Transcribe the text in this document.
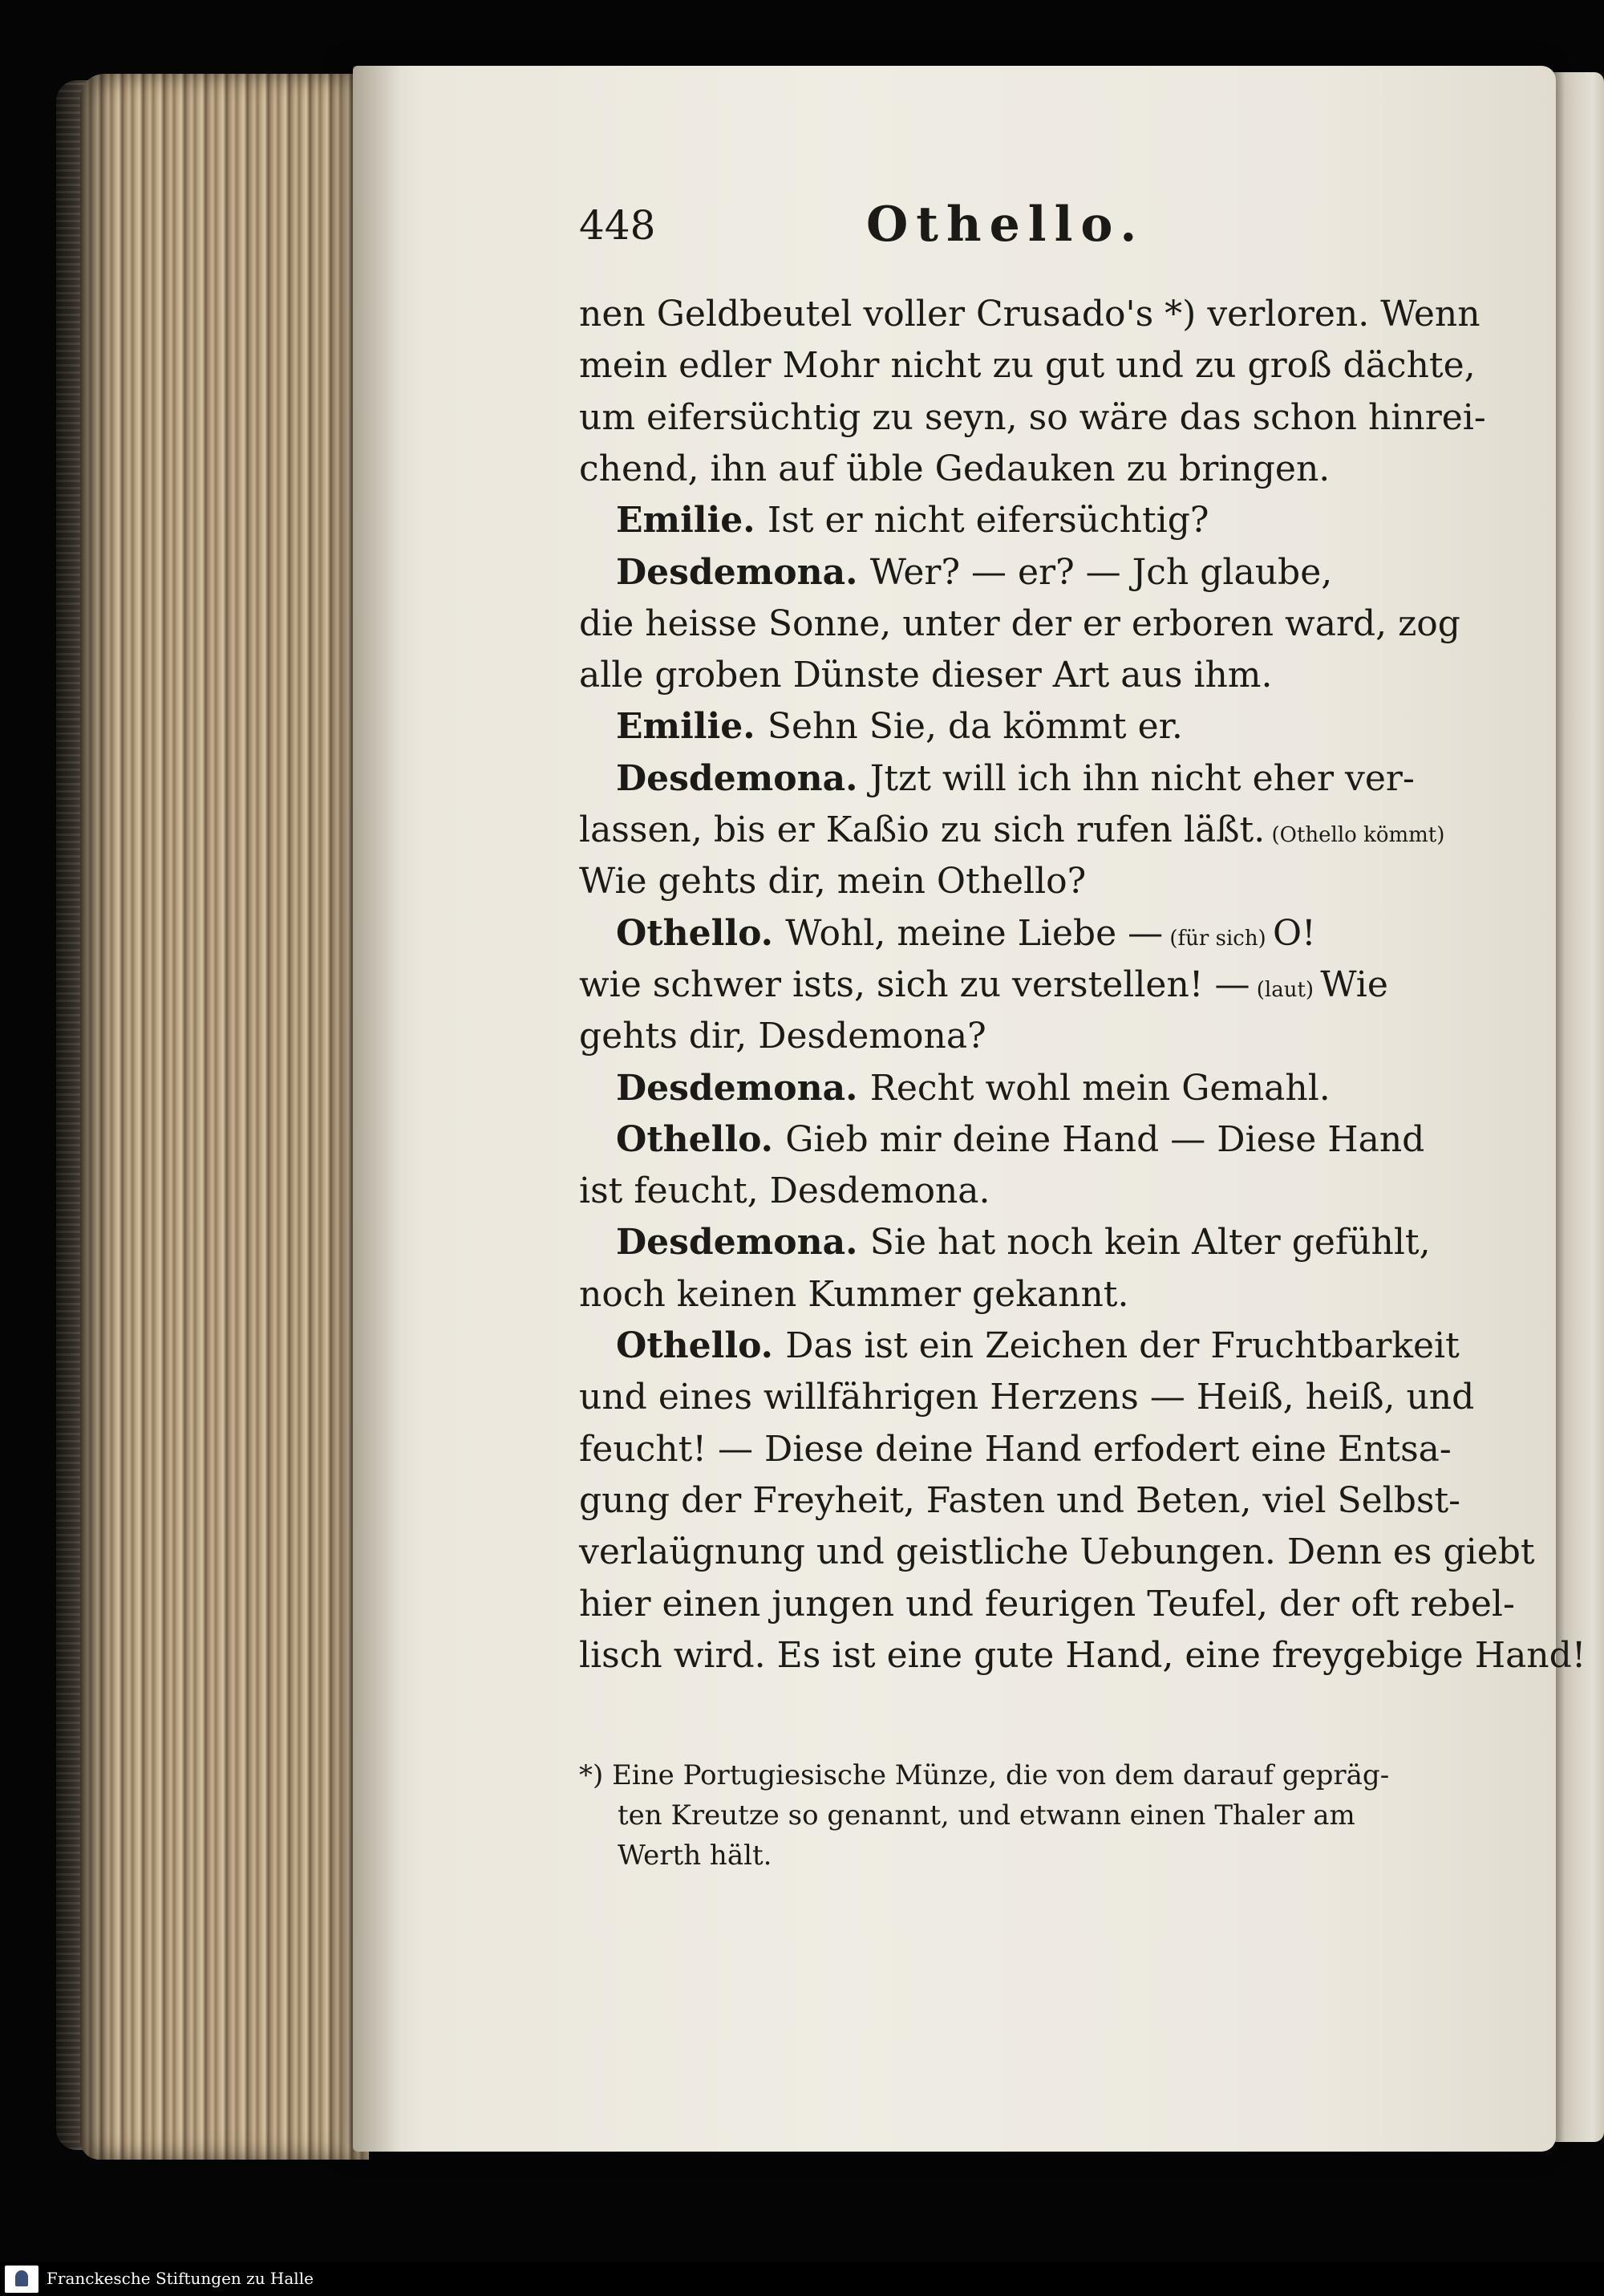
448	Othello.
nen Geldbeutel voller Crusado's *) verloren. Wenn
mein edler Mohr nicht zu gut und zu groß dächte,
um eifersüchtig zu seyn, so wäre das schon hinrei-
chend, ihn auf üble Gedauken zu bringen.
Emilie. Ist er nicht eifersüchtig?
Desdemona. Wer? — er? — Jch glaube,
die heisse Sonne, unter der er erboren ward, zog
alle groben Dünste dieser Art aus ihm.
Emilie. Sehn Sie, da kömmt er.
Desdemona. Jtzt will ich ihn nicht eher ver-
lassen, bis er Kaßio zu sich rufen läßt. (Othello kömmt)
Wie gehts dir, mein Othello?
Othello. Wohl, meine Liebe — (für sich) O!
wie schwer ists, sich zu verstellen! — (laut) Wie
gehts dir, Desdemona?
Desdemona. Recht wohl mein Gemahl.
Othello. Gieb mir deine Hand — Diese Hand
ist feucht, Desdemona.
Desdemona. Sie hat noch kein Alter gefühlt,
noch keinen Kummer gekannt.
Othello. Das ist ein Zeichen der Fruchtbarkeit
und eines willfährigen Herzens — Heiß, heiß, und
feucht! — Diese deine Hand erfodert eine Entsa-
gung der Freyheit, Fasten und Beten, viel Selbst-
verlaügnung und geistliche Uebungen. Denn es giebt
hier einen jungen und feurigen Teufel, der oft rebel-
lisch wird. Es ist eine gute Hand, eine freygebige Hand!
*) Eine Portugiesische Münze, die von dem darauf gepräg-
ten Kreutze so genannt, und etwann einen Thaler am
Werth hält.
Franckesche Stiftungen zu Halle
